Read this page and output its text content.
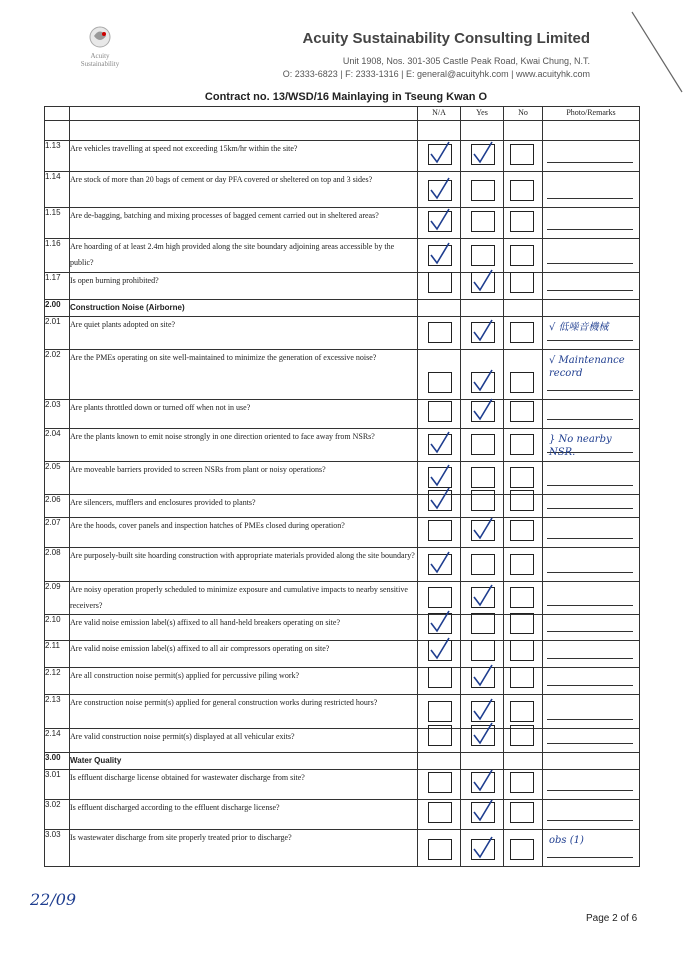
Acuity
Sustainability
Acuity Sustainability Consulting Limited
Unit 1908, Nos. 301-305 Castle Peak Road, Kwai Chung, N.T.
O: 2333-6823 | F: 2333-1316 | E: general@acuityhk.com | www.acuityhk.com
Contract no. 13/WSD/16 Mainlaying in Tseung Kwan O
		N/A	Yes	No	Photo/Remarks

1.13	Are vehicles travelling at speed not exceeding 15km/hr within the site?	

1.14	Are stock of more than 20 bags of cement or day PFA covered or sheltered on top and 3 sides?	

1.15	Are de-bagging, batching and mixing processes of bagged cement carried out in sheltered areas?	

1.16	Are hoarding of at least 2.4m high provided along the site boundary adjoining areas accessible by the public?	

1.17	Is open burning prohibited?	

2.00	Construction Noise (Airborne)				
2.01	Are quiet plants adopted on site?				√ 低噪音機械

2.02	Are the PMEs operating on site well-maintained to minimize the generation of excessive noise?				√ Maintenance record

2.03	Are plants throttled down or turned off when not in use?	

2.04	Are the plants known to emit noise strongly in one direction oriented to face away from NSRs?				} No nearby NSR.

2.05	Are moveable barriers provided to screen NSRs from plant or noisy operations?	

2.06	Are silencers, mufflers and enclosures provided to plants?	

2.07	Are the hoods, cover panels and inspection hatches of PMEs closed during operation?	

2.08	Are purposely-built site hoarding construction with appropriate materials provided along the site boundary?	

2.09	Are noisy operation properly scheduled to minimize exposure and cumulative impacts to nearby sensitive receivers?	

2.10	Are valid noise emission label(s) affixed to all hand-held breakers operating on site?	

2.11	Are valid noise emission label(s) affixed to all air compressors operating on site?	

2.12	Are all construction noise permit(s) applied for percussive piling work?	

2.13	Are construction noise permit(s) applied for general construction works during restricted hours?	

2.14	Are valid construction noise permit(s) displayed at all vehicular exits?	

3.00	Water Quality				
3.01	Is effluent discharge license obtained for wastewater discharge from site?	

3.02	Is effluent discharged according to the effluent discharge license?	

3.03	Is wastewater discharge from site properly treated prior to discharge?				obs (1)
22/09
Page 2 of 6
